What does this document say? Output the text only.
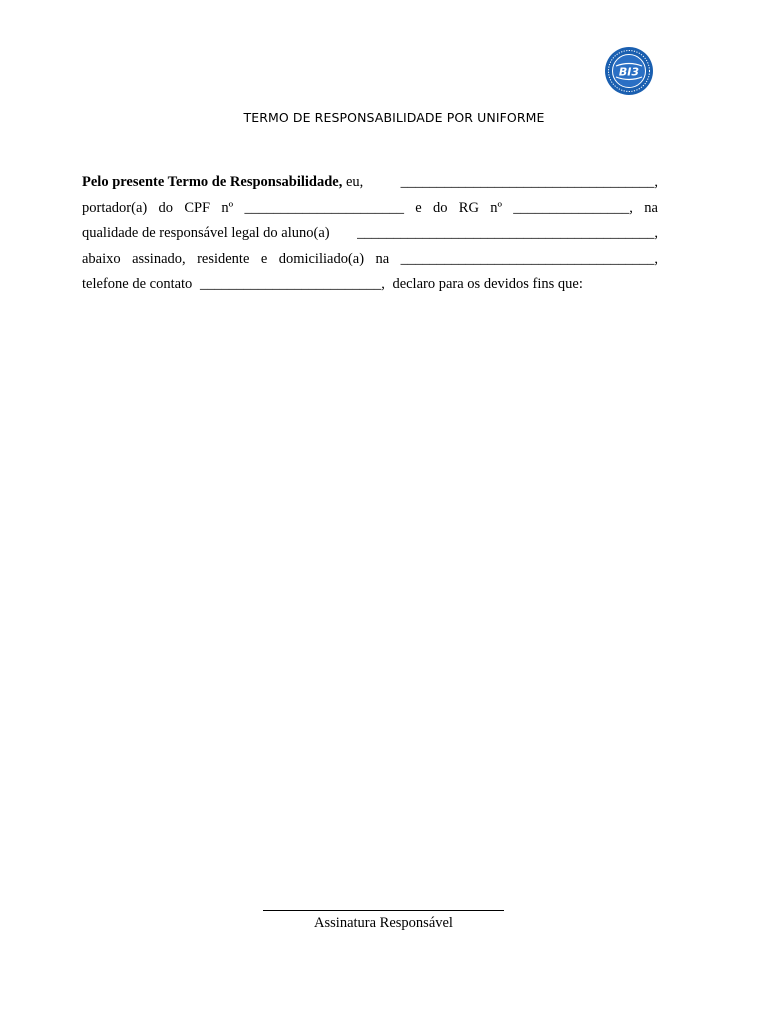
BI3
TERMO DE RESPONSABILIDADE POR UNIFORME
Pelo presente Termo de Responsabilidade, eu,	___________________________________,
portador(a) do CPF nº ______________________ e do RG nº ________________, na
qualidade de responsável legal do aluno(a) _________________________________________,
abaixo assinado, residente e domiciliado(a) na ___________________________________,
telefone de contato _________________________, declaro para os devidos fins que:
Assinatura Responsável
